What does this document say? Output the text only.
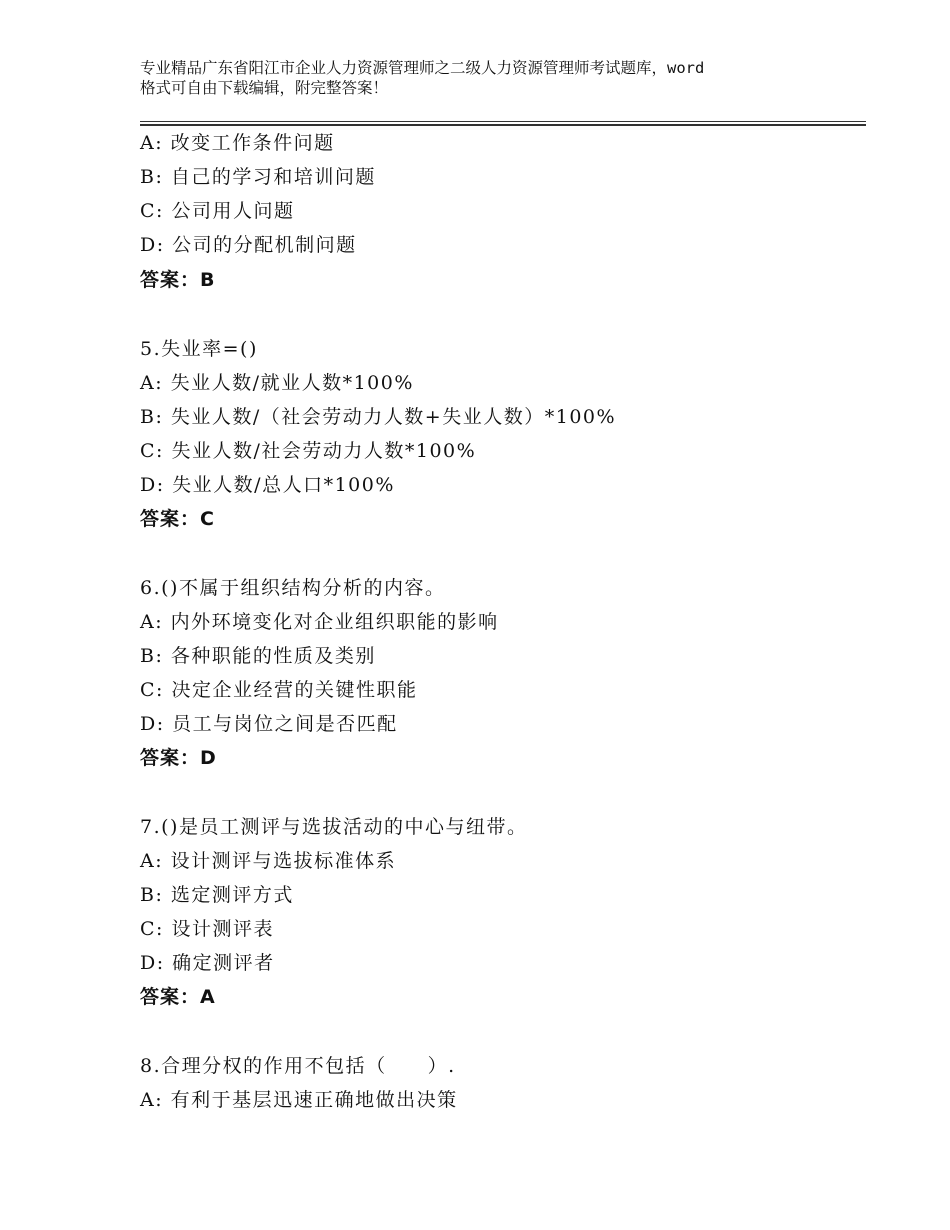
专业精品广东省阳江市企业人力资源管理师之二级人力资源管理师考试题库，word
格式可自由下载编辑，附完整答案！
A: 改变工作条件问题
B: 自己的学习和培训问题
C: 公司用人问题
D: 公司的分配机制问题
答案：B
5.失业率=()
A: 失业人数/就业人数*100%
B: 失业人数/（社会劳动力人数+失业人数）*100%
C: 失业人数/社会劳动力人数*100%
D: 失业人数/总人口*100%
答案：C
6.()不属于组织结构分析的内容。
A: 内外环境变化对企业组织职能的影响
B: 各种职能的性质及类别
C: 决定企业经营的关键性职能
D: 员工与岗位之间是否匹配
答案：D
7.()是员工测评与选拔活动的中心与纽带。
A: 设计测评与选拔标准体系
B: 选定测评方式
C: 设计测评表
D: 确定测评者
答案：A
8.合理分权的作用不包括（　　）.
A: 有利于基层迅速正确地做出决策
